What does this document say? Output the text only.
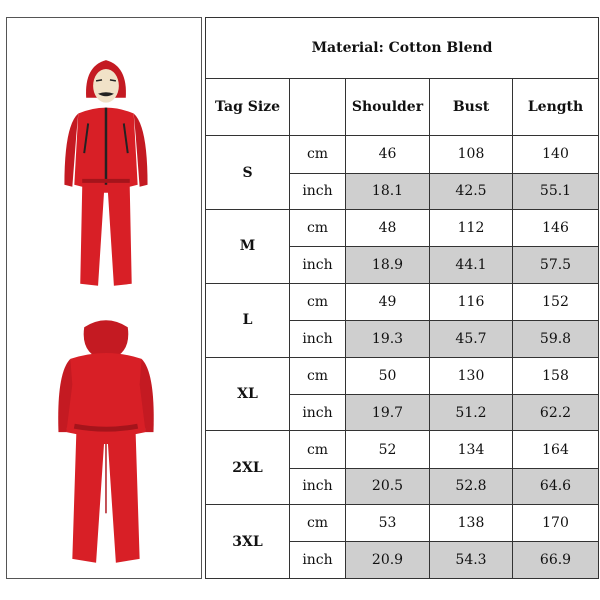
Material: Cotton Blend				
Tag Size		Shoulder	Bust	Length
S	cm	46	108	140
	inch	18.1	42.5	55.1
M	cm	48	112	146
	inch	18.9	44.1	57.5
L	cm	49	116	152
	inch	19.3	45.7	59.8
XL	cm	50	130	158
	inch	19.7	51.2	62.2
2XL	cm	52	134	164
	inch	20.5	52.8	64.6
3XL	cm	53	138	170
	inch	20.9	54.3	66.9
